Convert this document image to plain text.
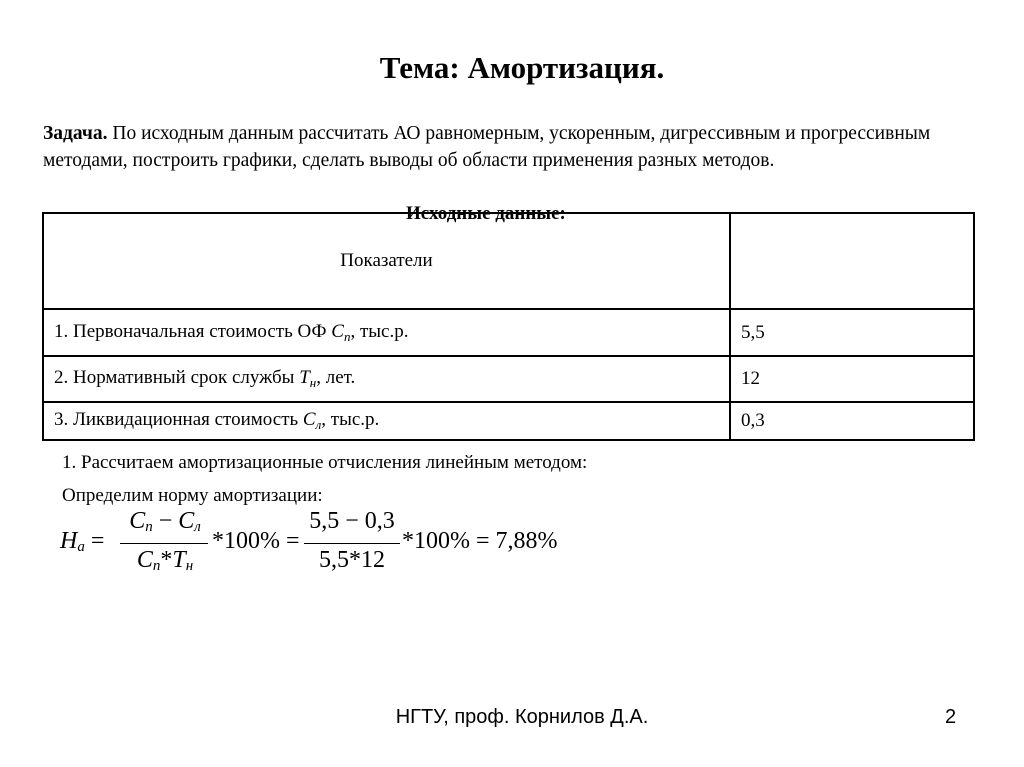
Тема: Амортизация.
Задача. По исходным данным рассчитать АО равномерным, ускоренным, дигрессивным и прогрессивным методами, построить графики, сделать выводы об области применения разных методов.
Исходные данные:
Показатели	
1. Первоначальная стоимость ОФ $C_п$, тыс.р.	5,5
2. Нормативный срок службы $T_н$, лет.	12
3. Ликвидационная стоимость $C_л$, тыс.р.	0,3
1. Рассчитаем амортизационные отчисления линейным методом:
Определим норму амортизации:
$Н_а$ =
$C_п - C_л$
$C_п*T_н$
*100% =
5,5 − 0,3
5,5*12
*100% = 7,88%
НГТУ, проф. Корнилов Д.А.	2
